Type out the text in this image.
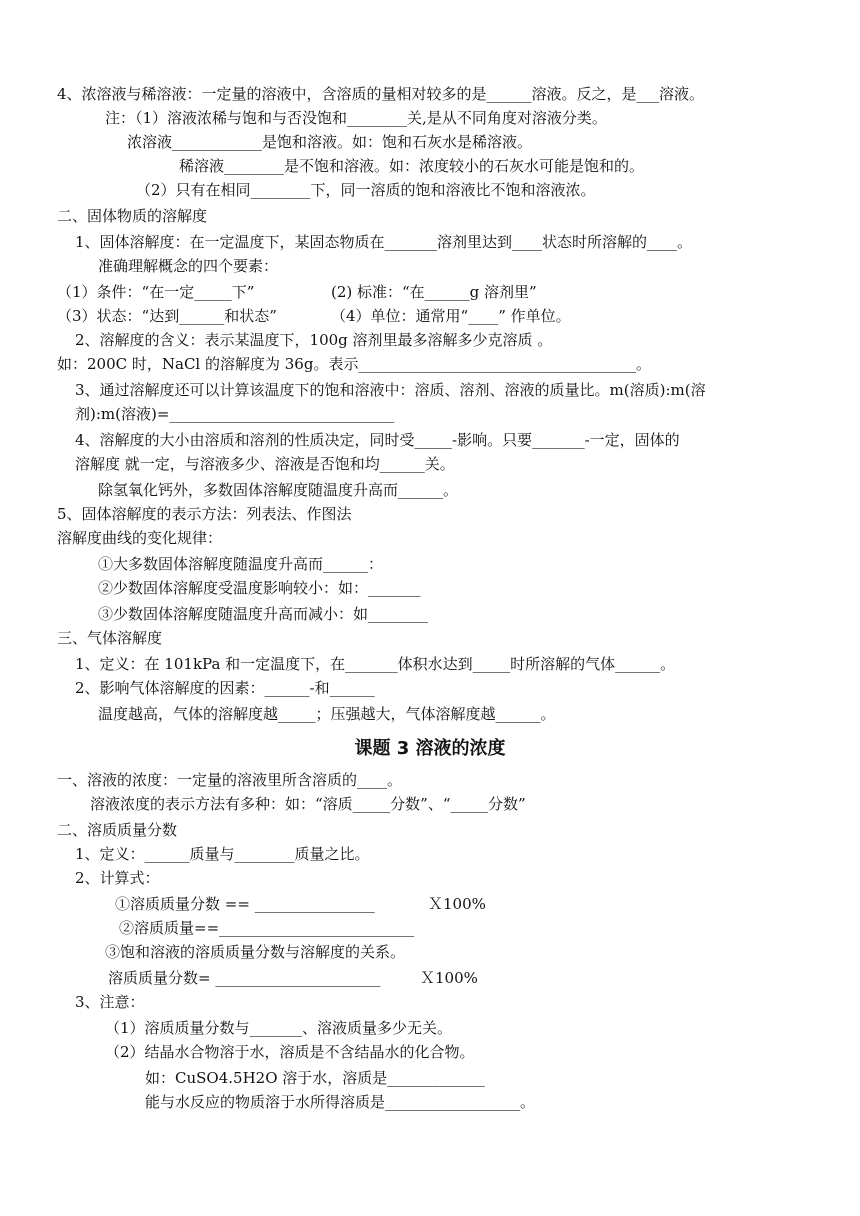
4、浓溶液与稀溶液：一定量的溶液中，含溶质的量相对较多的是______溶液。反之，是___溶液。
注：（1）溶液浓稀与饱和与否没饱和________关,是从不同角度对溶液分类。
浓溶液____________是饱和溶液。如：饱和石灰水是稀溶液。
稀溶液________是不饱和溶液。如：浓度较小的石灰水可能是饱和的。
（2）只有在相同________下，同一溶质的饱和溶液比不饱和溶液浓。
二、固体物质的溶解度
1、固体溶解度：在一定温度下，某固态物质在_______溶剂里达到____状态时所溶解的____。
准确理解概念的四个要素：
（1）条件：“在一定_____下”	(2) 标准：“在______g 溶剂里”
（3）状态：“达到______和状态”	（4）单位：通常用“____” 作单位。
2、溶解度的含义：表示某温度下，100g 溶剂里最多溶解多少克溶质 。
如：200C 时，NaCl 的溶解度为 36g。表示_____________________________________。
3、通过溶解度还可以计算该温度下的饱和溶液中：溶质、溶剂、溶液的质量比。m(溶质):m(溶
剂):m(溶液)=______________________________
4、溶解度的大小由溶质和溶剂的性质决定，同时受_____-影响。只要_______-一定，固体的
溶解度 就一定，与溶液多少、溶液是否饱和均______关。
除氢氧化钙外，多数固体溶解度随温度升高而______。
5、固体溶解度的表示方法：列表法、作图法
溶解度曲线的变化规律：
①大多数固体溶解度随温度升高而______：
②少数固体溶解度受温度影响较小：如：_______
③少数固体溶解度随温度升高而减小：如________
三、气体溶解度
1、定义：在 101kPa 和一定温度下，在_______体积水达到_____时所溶解的气体______。
2、影响气体溶解度的因素：______-和______
温度越高，气体的溶解度越_____；压强越大，气体溶解度越______。
课题 3 溶液的浓度
一、溶液的浓度：一定量的溶液里所含溶质的____。
溶液浓度的表示方法有多种：如：“溶质_____分数”、“_____分数”
二、溶质质量分数
1、定义：______质量与________质量之比。
2、计算式：
①溶质质量分数 == ________________	Ｘ100%
②溶质质量==__________________________
③饱和溶液的溶质质量分数与溶解度的关系。
溶质质量分数= ______________________	Ｘ100%
3、注意：
（1）溶质质量分数与_______、溶液质量多少无关。
（2）结晶水合物溶于水，溶质是不含结晶水的化合物。
如：CuSO4.5H2O 溶于水，溶质是_____________
能与水反应的物质溶于水所得溶质是__________________。
